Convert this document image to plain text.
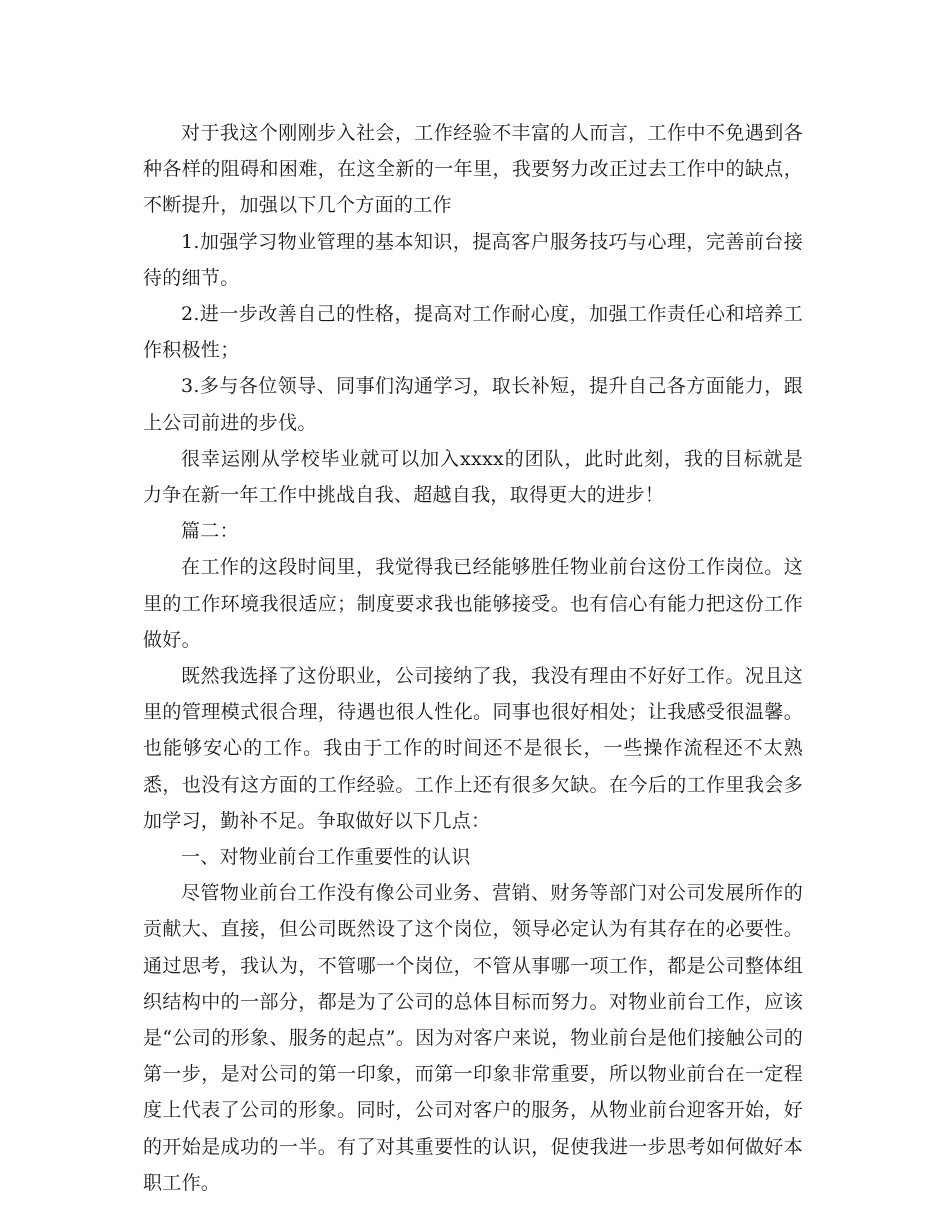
对于我这个刚刚步入社会，工作经验不丰富的人而言，工作中不免遇到各种各样的阻碍和困难，在这全新的一年里，我要努力改正过去工作中的缺点，不断提升，加强以下几个方面的工作

1.加强学习物业管理的基本知识，提高客户服务技巧与心理，完善前台接待的细节。

2.进一步改善自己的性格，提高对工作耐心度，加强工作责任心和培养工作积极性；

3.多与各位领导、同事们沟通学习，取长补短，提升自己各方面能力，跟上公司前进的步伐。

很幸运刚从学校毕业就可以加入xxxx的团队，此时此刻，我的目标就是力争在新一年工作中挑战自我、超越自我，取得更大的进步！

篇二：

在工作的这段时间里，我觉得我已经能够胜任物业前台这份工作岗位。这里的工作环境我很适应；制度要求我也能够接受。也有信心有能力把这份工作做好。

既然我选择了这份职业，公司接纳了我，我没有理由不好好工作。况且这里的管理模式很合理，待遇也很人性化。同事也很好相处；让我感受很温馨。也能够安心的工作。我由于工作的时间还不是很长，一些操作流程还不太熟悉，也没有这方面的工作经验。工作上还有很多欠缺。在今后的工作里我会多加学习，勤补不足。争取做好以下几点：

一、对物业前台工作重要性的认识

尽管物业前台工作没有像公司业务、营销、财务等部门对公司发展所作的贡献大、直接，但公司既然设了这个岗位，领导必定认为有其存在的必要性。通过思考，我认为，不管哪一个岗位，不管从事哪一项工作，都是公司整体组织结构中的一部分，都是为了公司的总体目标而努力。对物业前台工作，应该是“公司的形象、服务的起点”。因为对客户来说，物业前台是他们接触公司的第一步，是对公司的第一印象，而第一印象非常重要，所以物业前台在一定程度上代表了公司的形象。同时，公司对客户的服务，从物业前台迎客开始，好的开始是成功的一半。有了对其重要性的认识，促使我进一步思考如何做好本职工作。
